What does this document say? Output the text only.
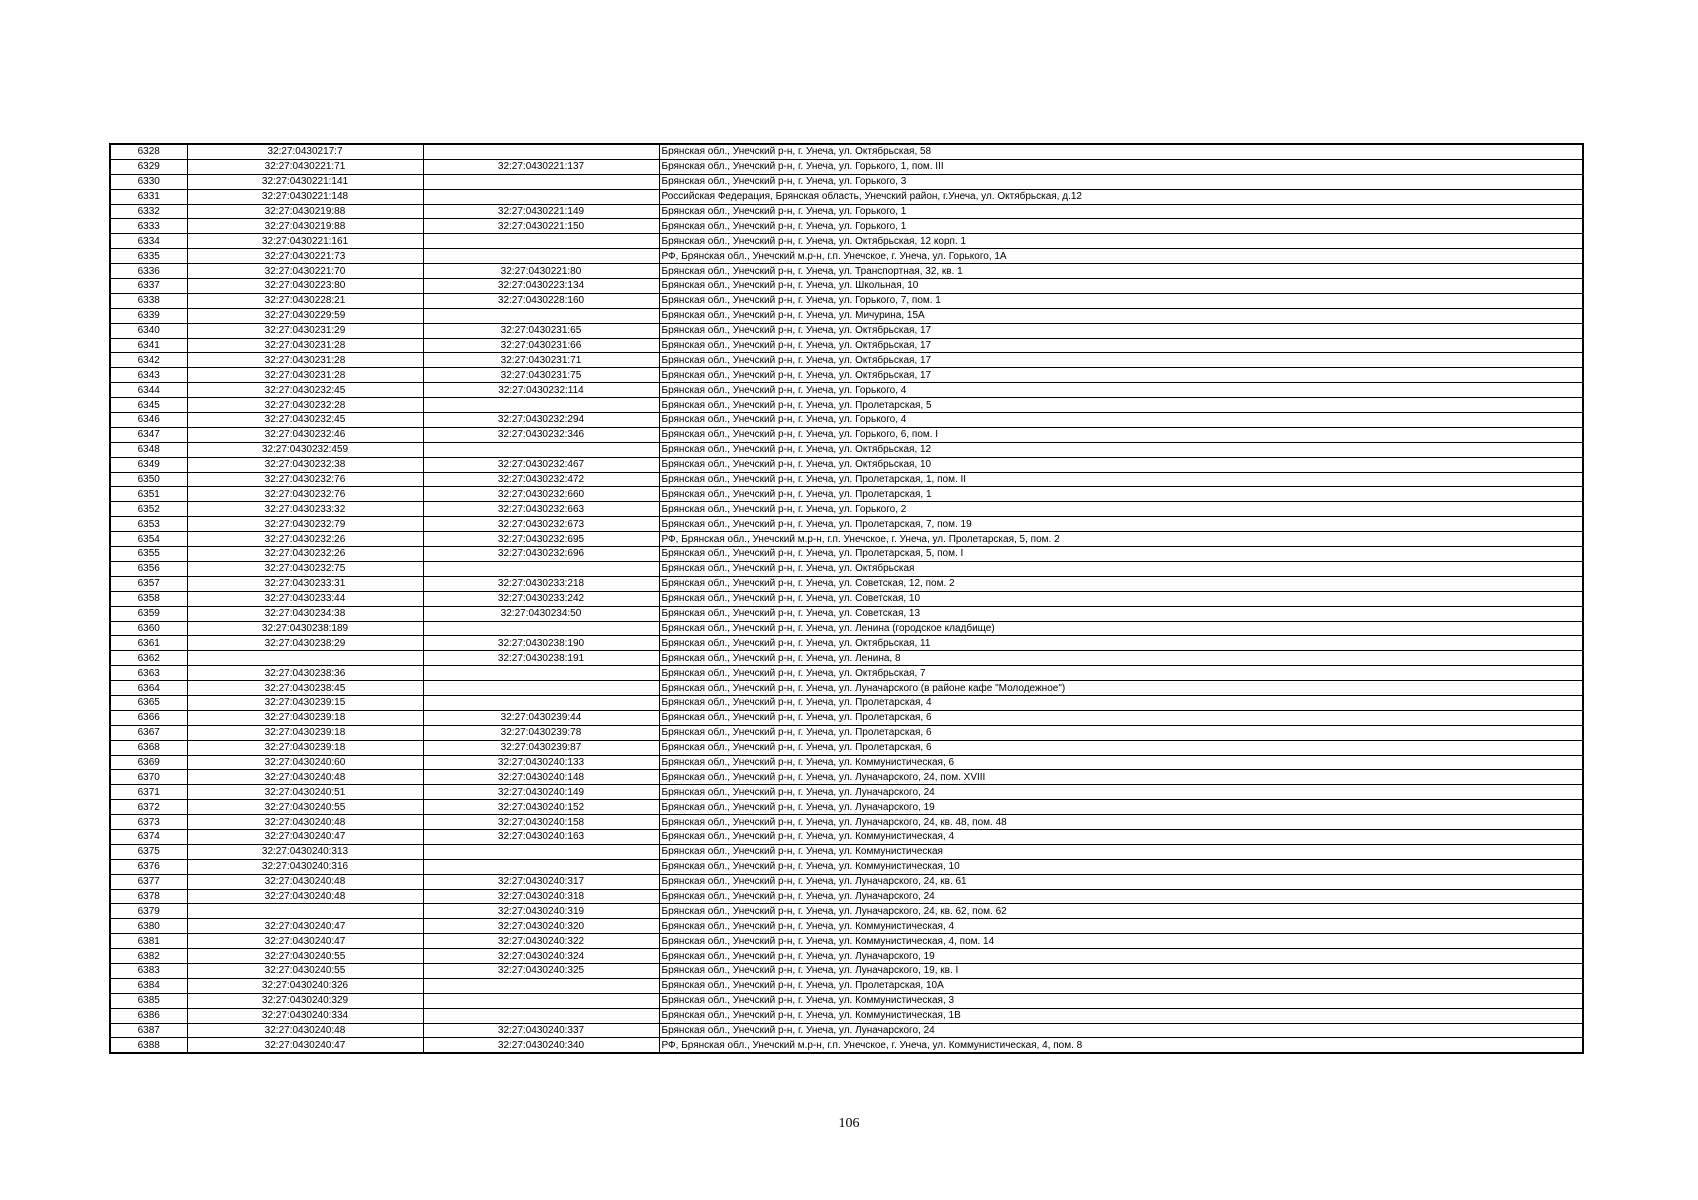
6328	32:27:0430217:7		Брянская обл., Унечский р-н, г. Унеча, ул. Октябрьская, 58
6329	32:27:0430221:71	32:27:0430221:137	Брянская обл., Унечский р-н, г. Унеча, ул. Горького, 1, пом. III
6330	32:27:0430221:141		Брянская обл., Унечский р-н, г. Унеча, ул. Горького, 3
6331	32:27:0430221:148		Российская Федерация, Брянская область, Унечский район, г.Унеча, ул. Октябрьская, д.12
6332	32:27:0430219:88	32:27:0430221:149	Брянская обл., Унечский р-н, г. Унеча, ул. Горького, 1
6333	32:27:0430219:88	32:27:0430221:150	Брянская обл., Унечский р-н, г. Унеча, ул. Горького, 1
6334	32:27:0430221:161		Брянская обл., Унечский р-н, г. Унеча, ул. Октябрьская, 12 корп. 1
6335	32:27:0430221:73		РФ, Брянская обл., Унечский м.р-н, г.п. Унечское, г. Унеча, ул. Горького, 1А
6336	32:27:0430221:70	32:27:0430221:80	Брянская обл., Унечский р-н, г. Унеча, ул. Транспортная, 32, кв. 1
6337	32:27:0430223:80	32:27:0430223:134	Брянская обл., Унечский р-н, г. Унеча, ул. Школьная, 10
6338	32:27:0430228:21	32:27:0430228:160	Брянская обл., Унечский р-н, г. Унеча, ул. Горького, 7, пом. 1
6339	32:27:0430229:59		Брянская обл., Унечский р-н, г. Унеча, ул. Мичурина, 15А
6340	32:27:0430231:29	32:27:0430231:65	Брянская обл., Унечский р-н, г. Унеча, ул. Октябрьская, 17
6341	32:27:0430231:28	32:27:0430231:66	Брянская обл., Унечский р-н, г. Унеча, ул. Октябрьская, 17
6342	32:27:0430231:28	32:27:0430231:71	Брянская обл., Унечский р-н, г. Унеча, ул. Октябрьская, 17
6343	32:27:0430231:28	32:27:0430231:75	Брянская обл., Унечский р-н, г. Унеча, ул. Октябрьская, 17
6344	32:27:0430232:45	32:27:0430232:114	Брянская обл., Унечский р-н, г. Унеча, ул. Горького, 4
6345	32:27:0430232:28		Брянская обл., Унечский р-н, г. Унеча, ул. Пролетарская, 5
6346	32:27:0430232:45	32:27:0430232:294	Брянская обл., Унечский р-н, г. Унеча, ул. Горького, 4
6347	32:27:0430232:46	32:27:0430232:346	Брянская обл., Унечский р-н, г. Унеча, ул. Горького, 6, пом. I
6348	32:27:0430232:459		Брянская обл., Унечский р-н, г. Унеча, ул. Октябрьская, 12
6349	32:27:0430232:38	32:27:0430232:467	Брянская обл., Унечский р-н, г. Унеча, ул. Октябрьская, 10
6350	32:27:0430232:76	32:27:0430232:472	Брянская обл., Унечский р-н, г. Унеча, ул. Пролетарская, 1, пом. II
6351	32:27:0430232:76	32:27:0430232:660	Брянская обл., Унечский р-н, г. Унеча, ул. Пролетарская, 1
6352	32:27:0430233:32	32:27:0430232:663	Брянская обл., Унечский р-н, г. Унеча, ул. Горького, 2
6353	32:27:0430232:79	32:27:0430232:673	Брянская обл., Унечский р-н, г. Унеча, ул. Пролетарская, 7, пом. 19
6354	32:27:0430232:26	32:27:0430232:695	РФ, Брянская обл., Унечский м.р-н, г.п. Унечское, г. Унеча, ул. Пролетарская, 5, пом. 2
6355	32:27:0430232:26	32:27:0430232:696	Брянская обл., Унечский р-н, г. Унеча, ул. Пролетарская, 5, пом. I
6356	32:27:0430232:75		Брянская обл., Унечский р-н, г. Унеча, ул. Октябрьская
6357	32:27:0430233:31	32:27:0430233:218	Брянская обл., Унечский р-н, г. Унеча, ул. Советская, 12, пом. 2
6358	32:27:0430233:44	32:27:0430233:242	Брянская обл., Унечский р-н, г. Унеча, ул. Советская, 10
6359	32:27:0430234:38	32:27:0430234:50	Брянская обл., Унечский р-н, г. Унеча, ул. Советская, 13
6360	32:27:0430238:189		Брянская обл., Унечский р-н, г. Унеча, ул. Ленина (городское кладбище)
6361	32:27:0430238:29	32:27:0430238:190	Брянская обл., Унечский р-н, г. Унеча, ул. Октябрьская, 11
6362		32:27:0430238:191	Брянская обл., Унечский р-н, г. Унеча, ул. Ленина, 8
6363	32:27:0430238:36		Брянская обл., Унечский р-н, г. Унеча, ул. Октябрьская, 7
6364	32:27:0430238:45		Брянская обл., Унечский р-н, г. Унеча, ул. Луначарского (в районе кафе "Молодежное")
6365	32:27:0430239:15		Брянская обл., Унечский р-н, г. Унеча, ул. Пролетарская, 4
6366	32:27:0430239:18	32:27:0430239:44	Брянская обл., Унечский р-н, г. Унеча, ул. Пролетарская, 6
6367	32:27:0430239:18	32:27:0430239:78	Брянская обл., Унечский р-н, г. Унеча, ул. Пролетарская, 6
6368	32:27:0430239:18	32:27:0430239:87	Брянская обл., Унечский р-н, г. Унеча, ул. Пролетарская, 6
6369	32:27:0430240:60	32:27:0430240:133	Брянская обл., Унечский р-н, г. Унеча, ул. Коммунистическая, 6
6370	32:27:0430240:48	32:27:0430240:148	Брянская обл., Унечский р-н, г. Унеча, ул. Луначарского, 24, пом. XVIII
6371	32:27:0430240:51	32:27:0430240:149	Брянская обл., Унечский р-н, г. Унеча, ул. Луначарского, 24
6372	32:27:0430240:55	32:27:0430240:152	Брянская обл., Унечский р-н, г. Унеча, ул. Луначарского, 19
6373	32:27:0430240:48	32:27:0430240:158	Брянская обл., Унечский р-н, г. Унеча, ул. Луначарского, 24, кв. 48, пом. 48
6374	32:27:0430240:47	32:27:0430240:163	Брянская обл., Унечский р-н, г. Унеча, ул. Коммунистическая, 4
6375	32:27:0430240:313		Брянская обл., Унечский р-н, г. Унеча, ул. Коммунистическая
6376	32:27:0430240:316		Брянская обл., Унечский р-н, г. Унеча, ул. Коммунистическая, 10
6377	32:27:0430240:48	32:27:0430240:317	Брянская обл., Унечский р-н, г. Унеча, ул. Луначарского, 24, кв. 61
6378	32:27:0430240:48	32:27:0430240:318	Брянская обл., Унечский р-н, г. Унеча, ул. Луначарского, 24
6379		32:27:0430240:319	Брянская обл., Унечский р-н, г. Унеча, ул. Луначарского, 24, кв. 62, пом. 62
6380	32:27:0430240:47	32:27:0430240:320	Брянская обл., Унечский р-н, г. Унеча, ул. Коммунистическая, 4
6381	32:27:0430240:47	32:27:0430240:322	Брянская обл., Унечский р-н, г. Унеча, ул. Коммунистическая, 4, пом. 14
6382	32:27:0430240:55	32:27:0430240:324	Брянская обл., Унечский р-н, г. Унеча, ул. Луначарского, 19
6383	32:27:0430240:55	32:27:0430240:325	Брянская обл., Унечский р-н, г. Унеча, ул. Луначарского, 19, кв. I
6384	32:27:0430240:326		Брянская обл., Унечский р-н, г. Унеча, ул. Пролетарская, 10А
6385	32:27:0430240:329		Брянская обл., Унечский р-н, г. Унеча, ул. Коммунистическая, 3
6386	32:27:0430240:334		Брянская обл., Унечский р-н, г. Унеча, ул. Коммунистическая, 1В
6387	32:27:0430240:48	32:27:0430240:337	Брянская обл., Унечский р-н, г. Унеча, ул. Луначарского, 24
6388	32:27:0430240:47	32:27:0430240:340	РФ, Брянская обл., Унечский м.р-н, г.п. Унечское, г. Унеча, ул. Коммунистическая, 4, пом. 8
106
